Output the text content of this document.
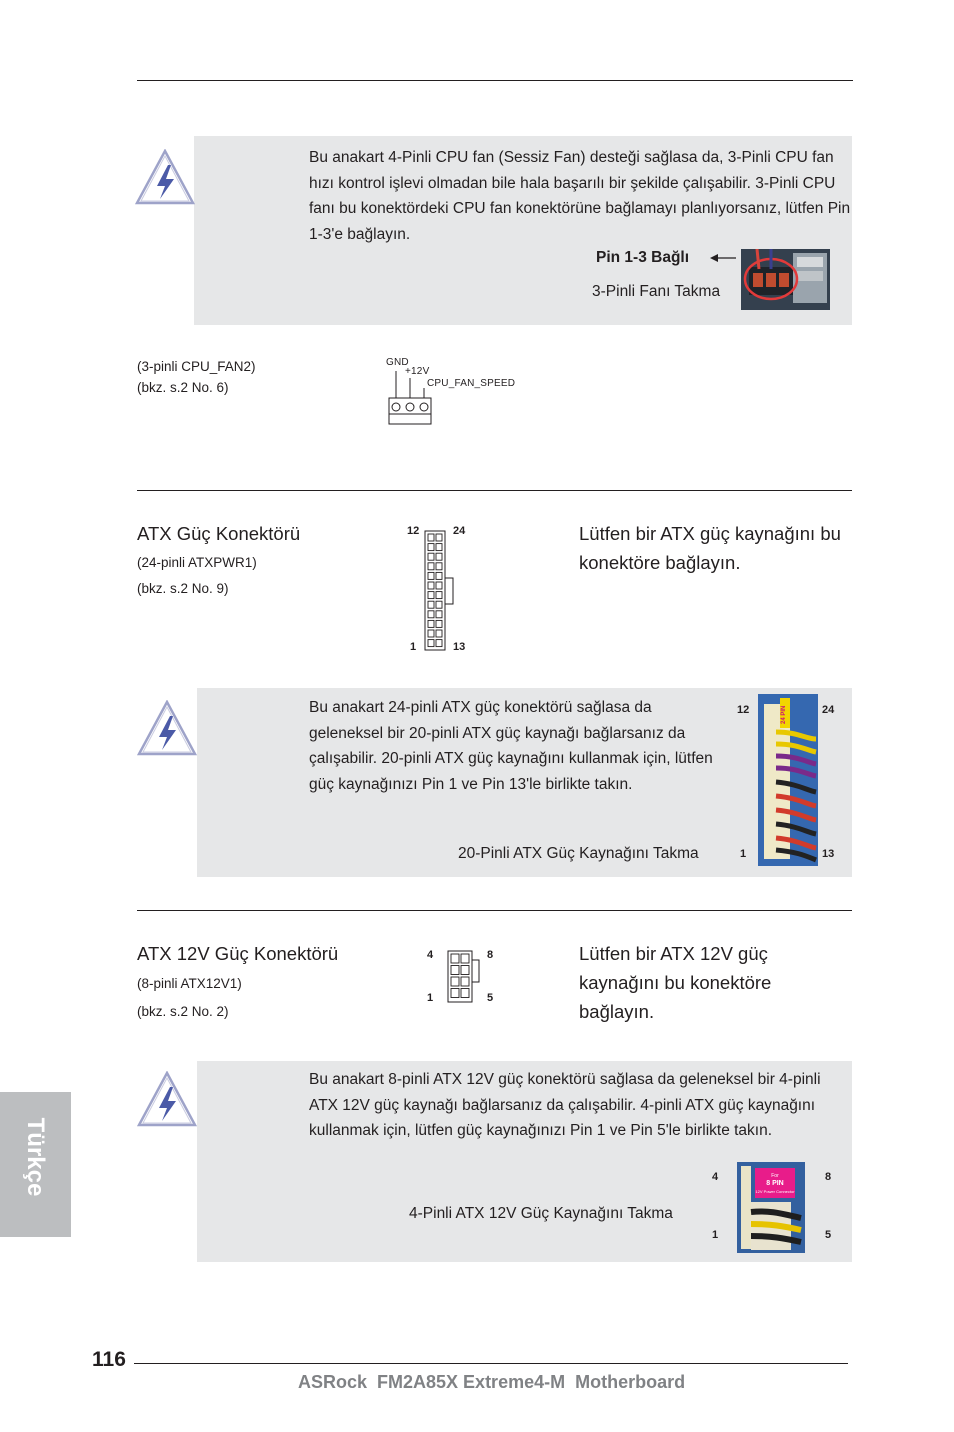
Bu anakart 4-Pinli CPU fan (Sessiz Fan) desteği sağlasa da, 3-Pinli CPU fan hızı kontrol işlevi olmadan bile hala başarılı bir şekilde çalışabilir. 3-Pinli CPU fanı bu konektördeki CPU fan konektörüne bağlamayı planlıyorsanız, lütfen Pin 1-3'e bağlayın.
Pin 1-3 Bağlı
3-Pinli Fanı Takma
(3-pinli CPU_FAN2)
(bkz. s.2 No. 6)
GND
+12V
CPU_FAN_SPEED
ATX Güç Konektörü
(24-pinli ATXPWR1)
(bkz. s.2 No. 9)
12	24
1	13
Lütfen bir ATX güç kaynağını bu konektöre bağlayın.
Bu anakart 24-pinli ATX güç konektörü sağlasa da geleneksel bir 20-pinli ATX güç kaynağı bağlarsanız da çalışabilir. 20-pinli ATX güç kaynağını kullanmak için, lütfen güç kaynağınızı Pin 1 ve Pin 13'le birlikte takın.
20-Pinli ATX Güç Kaynağını Takma
12	24
1	13
24 PIN
ATX 12V Güç Konektörü
(8-pinli ATX12V1)
(bkz. s.2 No. 2)
4	8
1	5
Lütfen bir ATX 12V güç kaynağını bu konektöre bağlayın.
Bu anakart 8-pinli ATX 12V güç konektörü sağlasa da geleneksel bir 4-pinli ATX 12V güç kaynağı bağlarsanız da çalışabilir. 4-pinli ATX güç kaynağını kullanmak için, lütfen güç kaynağınızı Pin 1 ve Pin 5'le birlikte takın.
4-Pinli ATX 12V Güç Kaynağını Takma
4	8
1	5
For
8 PIN
12V Power Connector
Türkçe
116
ASRock  FM2A85X Extreme4-M  Motherboard
